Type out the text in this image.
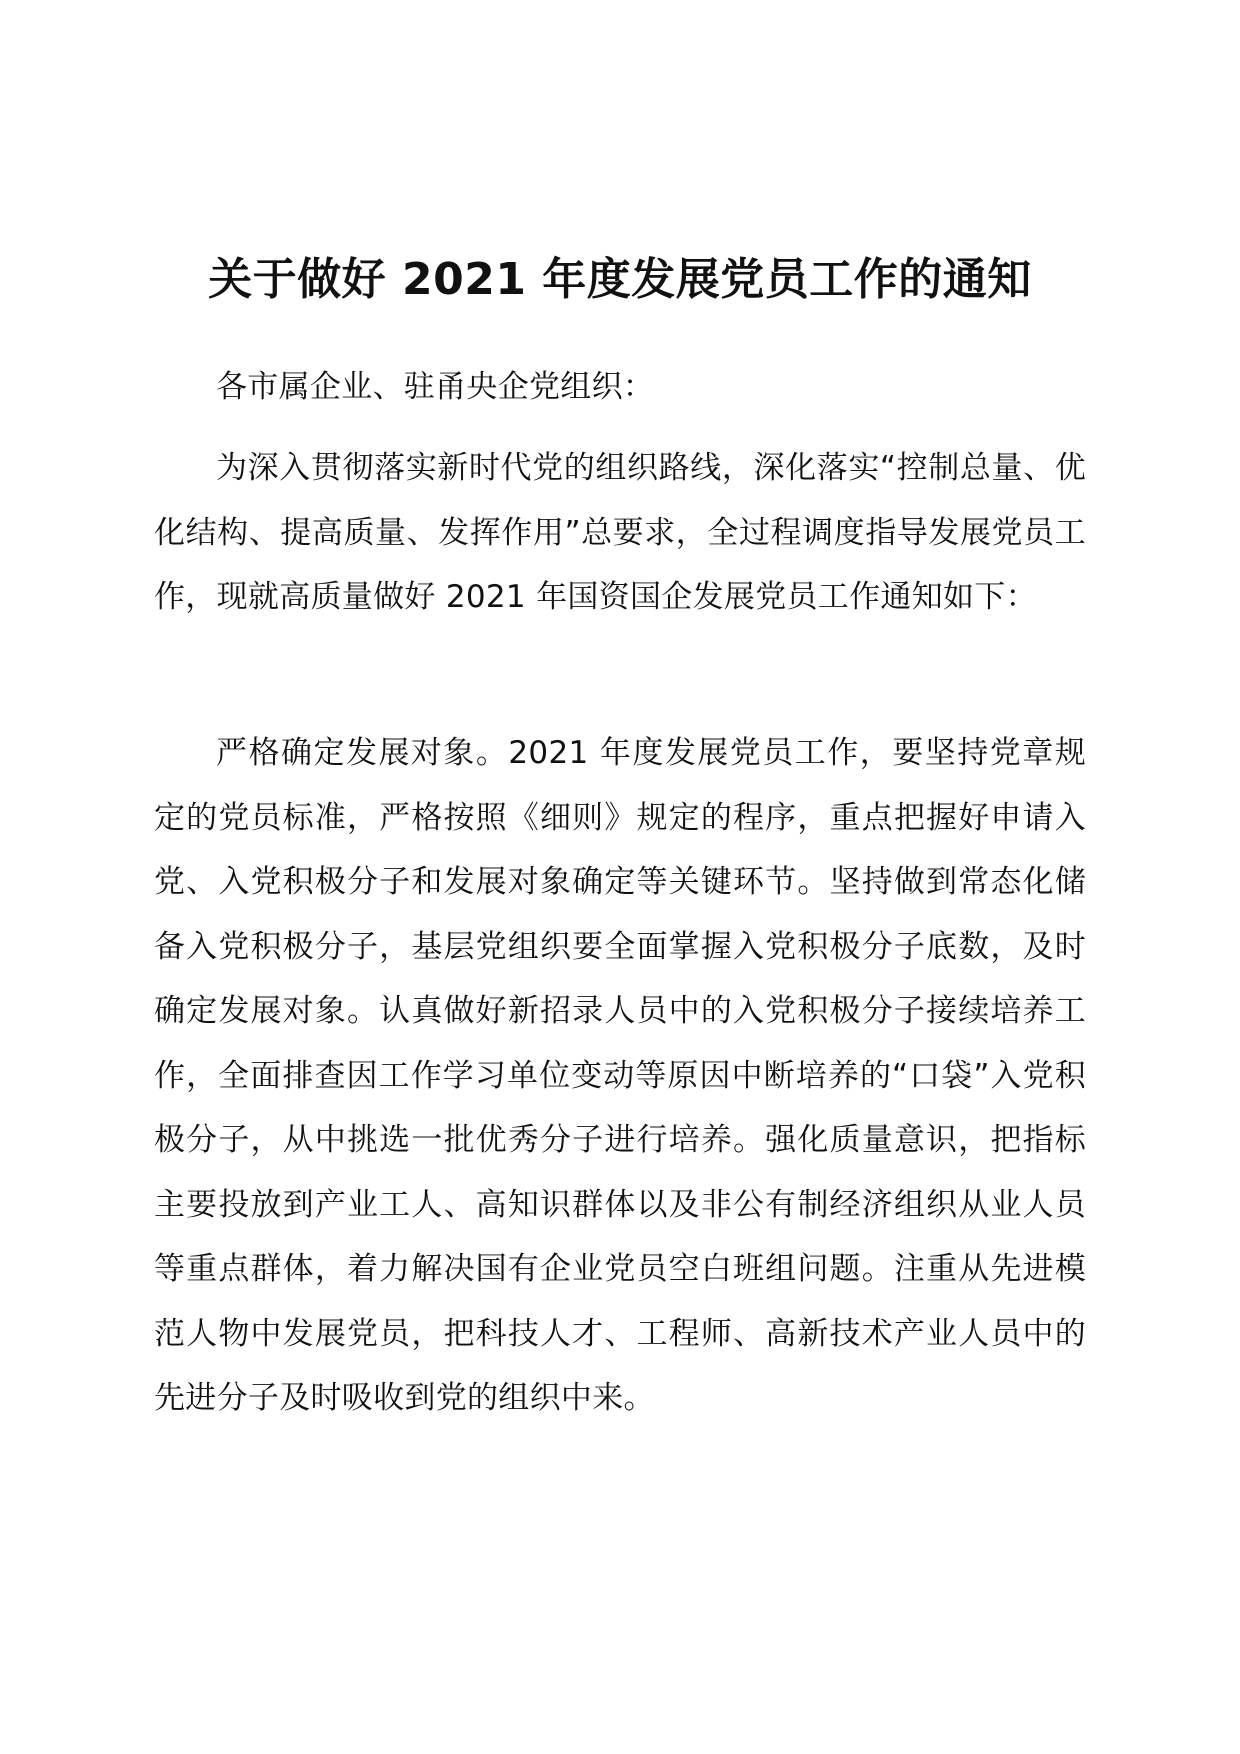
关于做好 2021 年度发展党员工作的通知

各市属企业、驻甬央企党组织：

为深入贯彻落实新时代党的组织路线，深化落实“控制总量、优化结构、提高质量、发挥作用”总要求，全过程调度指导发展党员工作，现就高质量做好 2021 年国资国企发展党员工作通知如下：

严格确定发展对象。2021 年度发展党员工作，要坚持党章规定的党员标准，严格按照《细则》规定的程序，重点把握好申请入党、入党积极分子和发展对象确定等关键环节。坚持做到常态化储备入党积极分子，基层党组织要全面掌握入党积极分子底数，及时确定发展对象。认真做好新招录人员中的入党积极分子接续培养工作，全面排查因工作学习单位变动等原因中断培养的“口袋”入党积极分子，从中挑选一批优秀分子进行培养。强化质量意识，把指标主要投放到产业工人、高知识群体以及非公有制经济组织从业人员等重点群体，着力解决国有企业党员空白班组问题。注重从先进模范人物中发展党员，把科技人才、工程师、高新技术产业人员中的先进分子及时吸收到党的组织中来。
